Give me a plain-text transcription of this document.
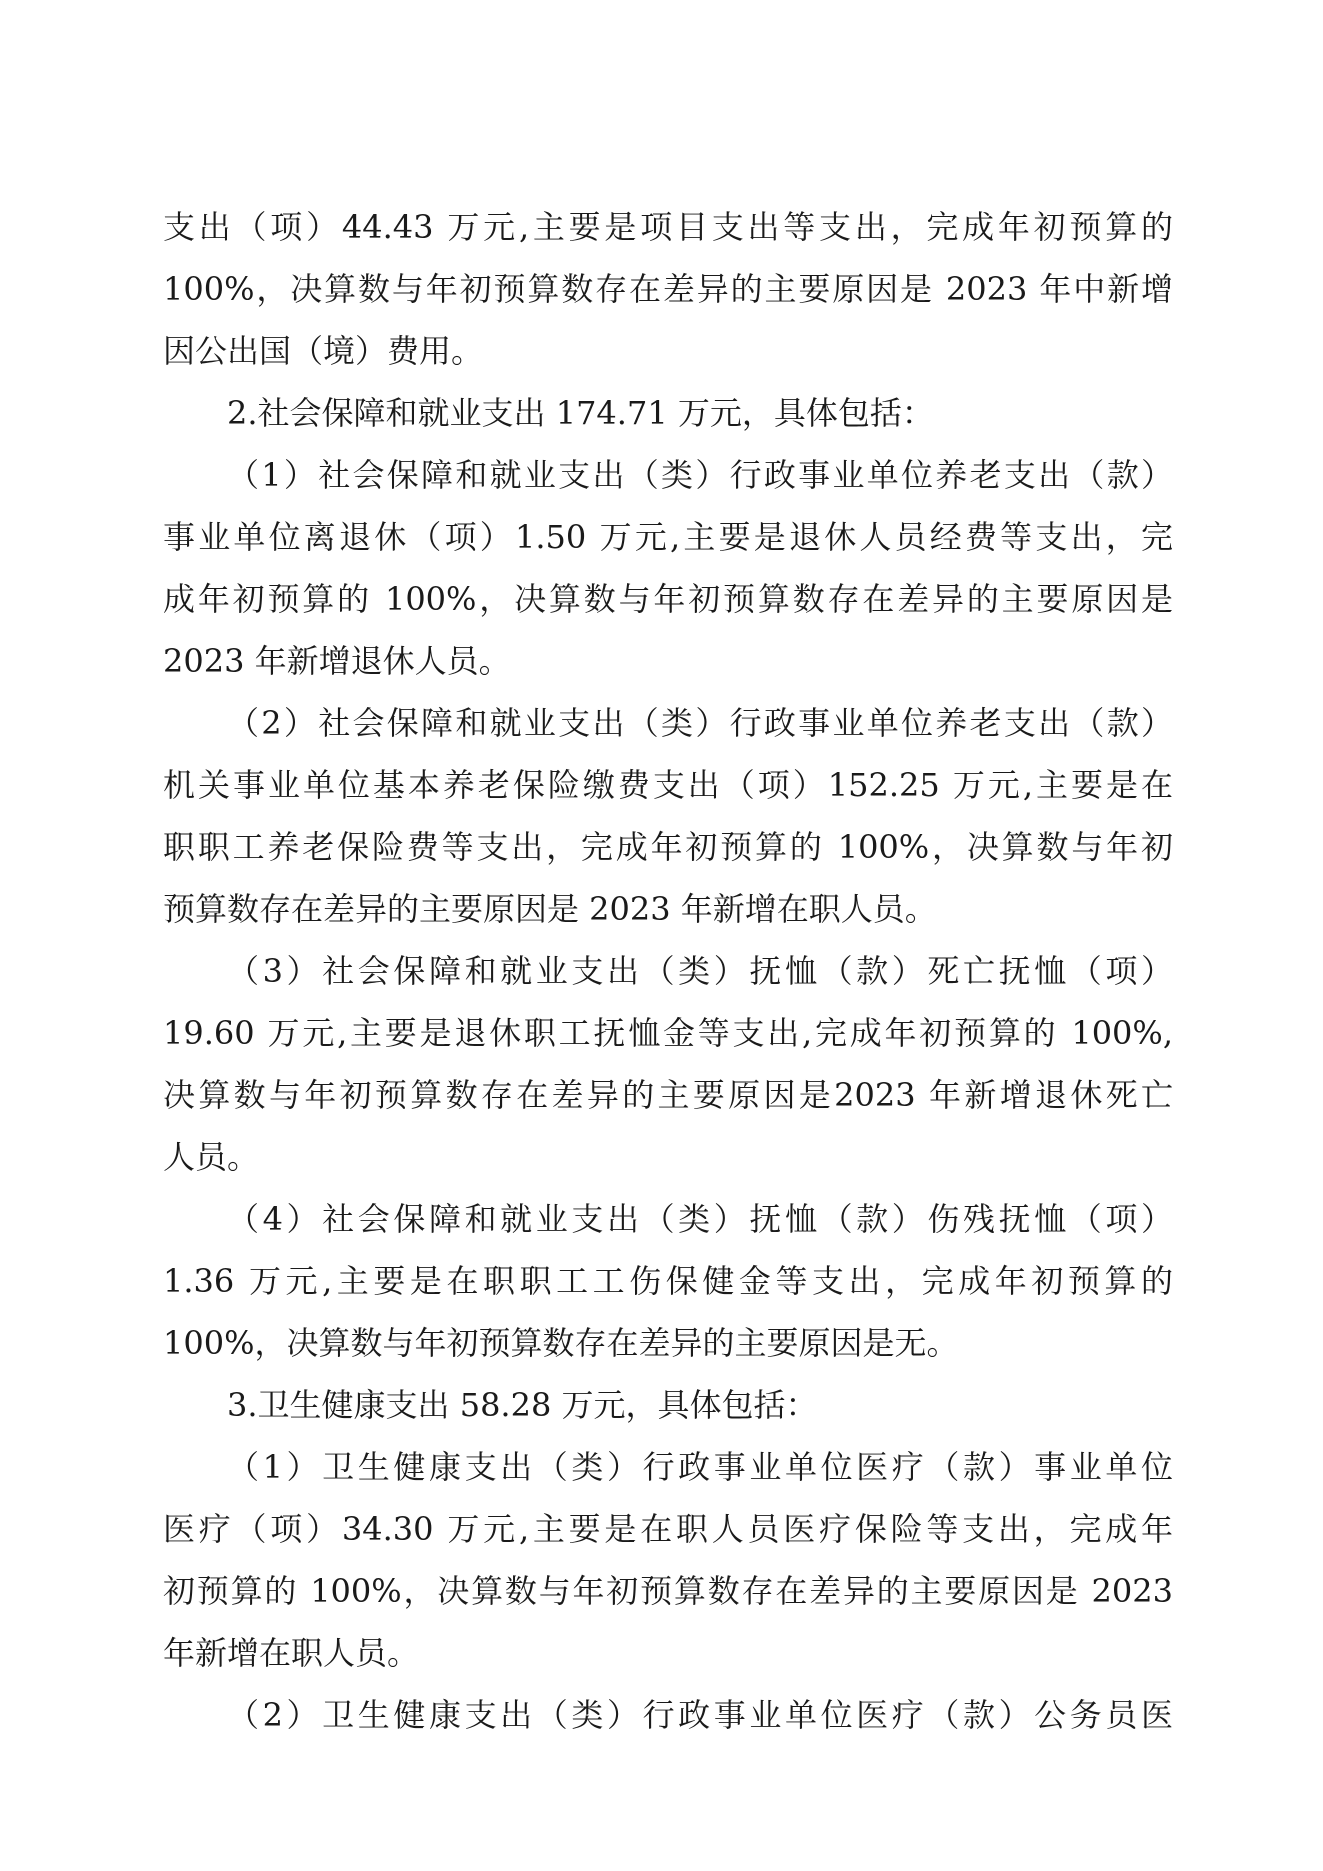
支出（项）44.43 万元,主要是项目支出等支出，完成年初预算的
100%，决算数与年初预算数存在差异的主要原因是 2023 年中新增
因公出国（境）费用。
2.社会保障和就业支出 174.71 万元，具体包括：
（1）社会保障和就业支出（类）行政事业单位养老支出（款）
事业单位离退休（项）1.50 万元,主要是退休人员经费等支出，完
成年初预算的 100%，决算数与年初预算数存在差异的主要原因是
2023 年新增退休人员。
（2）社会保障和就业支出（类）行政事业单位养老支出（款）
机关事业单位基本养老保险缴费支出（项）152.25 万元,主要是在
职职工养老保险费等支出，完成年初预算的 100%，决算数与年初
预算数存在差异的主要原因是 2023 年新增在职人员。
（3）社会保障和就业支出（类）抚恤（款）死亡抚恤（项）
19.60 万元,主要是退休职工抚恤金等支出,完成年初预算的 100%,
决算数与年初预算数存在差异的主要原因是2023 年新增退休死亡
人员。
（4）社会保障和就业支出（类）抚恤（款）伤残抚恤（项）
1.36 万元,主要是在职职工工伤保健金等支出，完成年初预算的
100%，决算数与年初预算数存在差异的主要原因是无。
3.卫生健康支出 58.28 万元，具体包括：
（1）卫生健康支出（类）行政事业单位医疗（款）事业单位
医疗（项）34.30 万元,主要是在职人员医疗保险等支出，完成年
初预算的 100%，决算数与年初预算数存在差异的主要原因是 2023
年新增在职人员。
（2）卫生健康支出（类）行政事业单位医疗（款）公务员医
